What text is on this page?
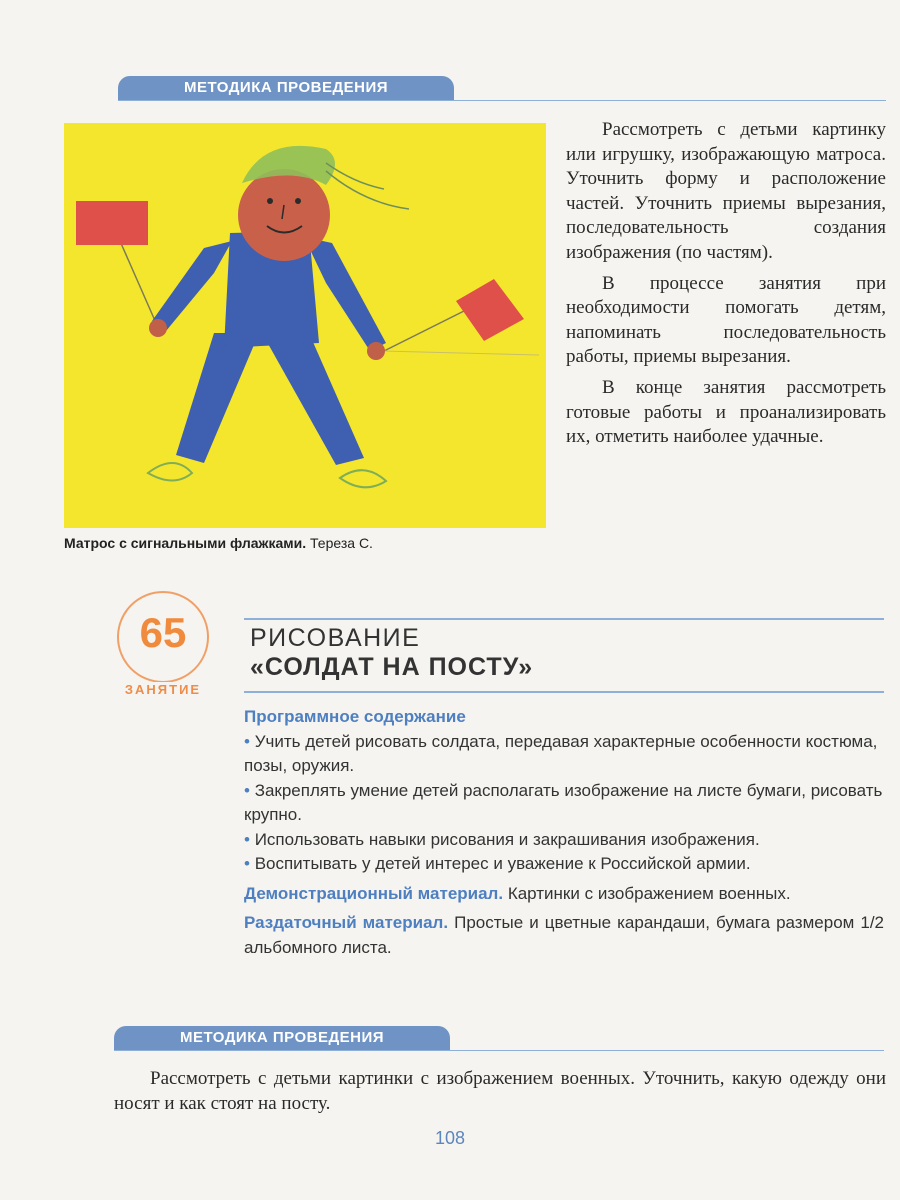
МЕТОДИКА ПРОВЕДЕНИЯ
Матрос с сигнальными флажками. Тереза С.

Рассмотреть с детьми картинку или игрушку, изображающую матроса. Уточнить форму и расположение частей. Уточнить приемы вырезания, последовательность создания изображения (по частям).

В процессе занятия при необходимости помогать детям, напоминать последовательность работы, приемы вырезания.

В конце занятия рассмотреть готовые работы и проанализировать их, отметить наиболее удачные.

65
ЗАНЯТИЕ
РИСОВАНИЕ
«СОЛДАТ НА ПОСТУ»
Программное содержание
• Учить детей рисовать солдата, передавая характерные особенности костюма, позы, оружия.
• Закреплять умение детей располагать изображение на листе бумаги, рисовать крупно.
• Использовать навыки рисования и закрашивания изображения.
• Воспитывать у детей интерес и уважение к Российской армии.
Демонстрационный материал. Картинки с изображением военных.
Раздаточный материал. Простые и цветные карандаши, бумага размером 1/2 альбомного листа.
МЕТОДИКА ПРОВЕДЕНИЯ

Рассмотреть с детьми картинки с изображением военных. Уточнить, какую одежду они носят и как стоят на посту.

108
